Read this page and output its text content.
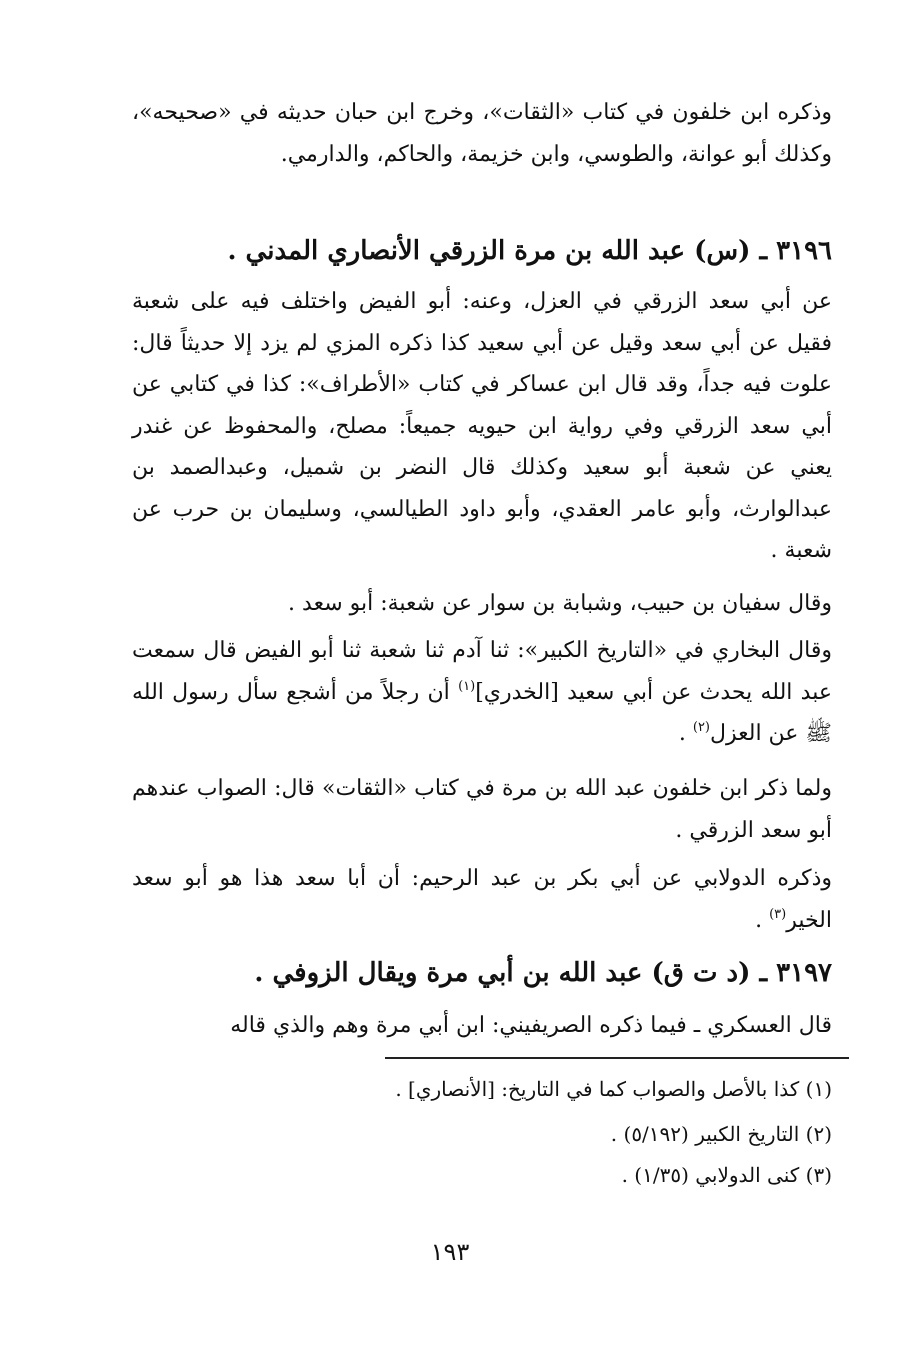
وذكره ابن خلفون في كتاب «الثقات»، وخرج ابن حبان حديثه في «صحيحه»، وكذلك أبو عوانة، والطوسي، وابن خزيمة، والحاكم، والدارمي.

٣١٩٦ ـ (س) عبد الله بن مرة الزرقي الأنصاري المدني .

عن أبي سعد الزرقي في العزل، وعنه: أبو الفيض واختلف فيه على شعبة فقيل عن أبي سعد وقيل عن أبي سعيد كذا ذكره المزي لم يزد إلا حديثاً قال: علوت فيه جداً، وقد قال ابن عساكر في كتاب «الأطراف»: كذا في كتابي عن أبي سعد الزرقي وفي رواية ابن حيويه جميعاً: مصلح، والمحفوظ عن غندر يعني عن شعبة أبو سعيد وكذلك قال النضر بن شميل، وعبدالصمد بن عبدالوارث، وأبو عامر العقدي، وأبو داود الطيالسي، وسليمان بن حرب عن شعبة .

وقال سفيان بن حبيب، وشبابة بن سوار عن شعبة: أبو سعد .

وقال البخاري في «التاريخ الكبير»: ثنا آدم ثنا شعبة ثنا أبو الفيض قال سمعت عبد الله يحدث عن أبي سعيد [الخدري]$^{(١)}$ أن رجلاً من أشجع سأل رسول الله ﷺ عن العزل$^{(٢)}$ .

ولما ذكر ابن خلفون عبد الله بن مرة في كتاب «الثقات» قال: الصواب عندهم أبو سعد الزرقي .

وذكره الدولابي عن أبي بكر بن عبد الرحيم: أن أبا سعد هذا هو أبو سعد الخير$^{(٣)}$ .

٣١٩٧ ـ (د ت ق) عبد الله بن أبي مرة ويقال الزوفي .

قال العسكري ـ فيما ذكره الصريفيني: ابن أبي مرة وهم والذي قاله

(١) كذا بالأصل والصواب كما في التاريخ: [الأنصاري] .

(٢) التاريخ الكبير (٥/١٩٢) .

(٣) كنى الدولابي (١/٣٥) .

١٩٣
